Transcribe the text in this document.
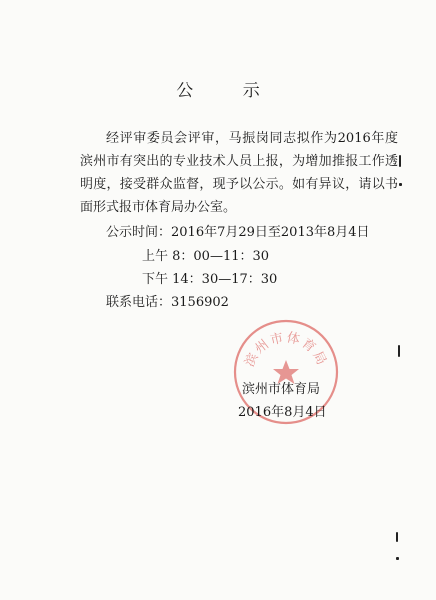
公 示

经评审委员会评审，马振岗同志拟作为2016年度滨州市有突出的专业技术人员上报，为增加推报工作透明度，接受群众监督，现予以公示。如有异议，请以书面形式报市体育局办公室。

公示时间：2016年7月29日至2013年8月4日
上午 8：00—11：30
下午 14：30—17：30
联系电话：3156902
滨州市体育局
滨州市体育局
2016年8月4日
